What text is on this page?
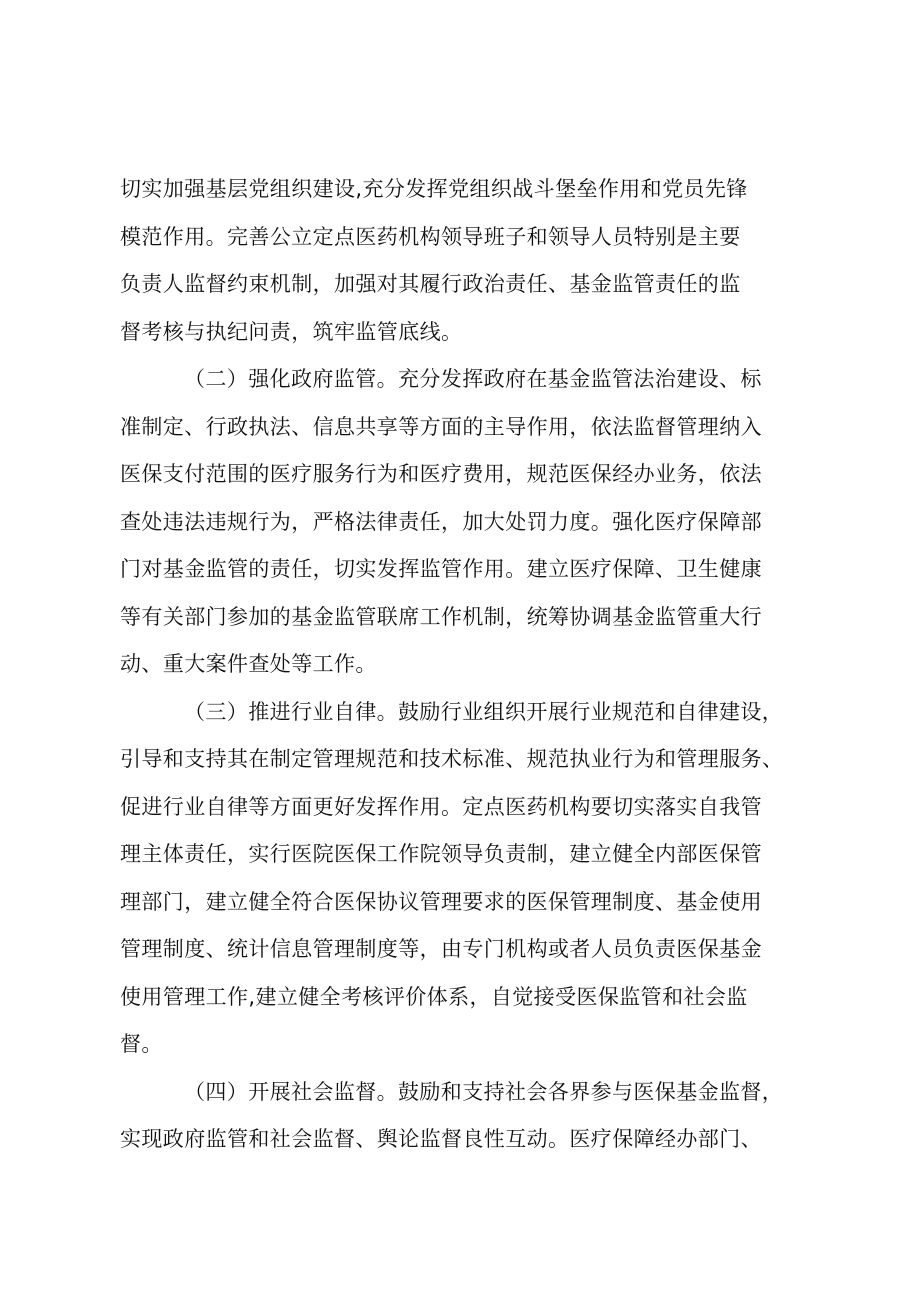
切实加强基层党组织建设,充分发挥党组织战斗堡垒作用和党员先锋
模范作用。完善公立定点医药机构领导班子和领导人员特别是主要
负责人监督约束机制，加强对其履行政治责任、基金监管责任的监
督考核与执纪问责，筑牢监管底线。
（二）强化政府监管。充分发挥政府在基金监管法治建设、标
准制定、行政执法、信息共享等方面的主导作用，依法监督管理纳入
医保支付范围的医疗服务行为和医疗费用，规范医保经办业务，依法
查处违法违规行为，严格法律责任，加大处罚力度。强化医疗保障部
门对基金监管的责任，切实发挥监管作用。建立医疗保障、卫生健康
等有关部门参加的基金监管联席工作机制，统筹协调基金监管重大行
动、重大案件查处等工作。
（三）推进行业自律。鼓励行业组织开展行业规范和自律建设，
引导和支持其在制定管理规范和技术标准、规范执业行为和管理服务、
促进行业自律等方面更好发挥作用。定点医药机构要切实落实自我管
理主体责任，实行医院医保工作院领导负责制，建立健全内部医保管
理部门，建立健全符合医保协议管理要求的医保管理制度、基金使用
管理制度、统计信息管理制度等，由专门机构或者人员负责医保基金
使用管理工作,建立健全考核评价体系，自觉接受医保监管和社会监
督。
（四）开展社会监督。鼓励和支持社会各界参与医保基金监督，
实现政府监管和社会监督、舆论监督良性互动。医疗保障经办部门、
